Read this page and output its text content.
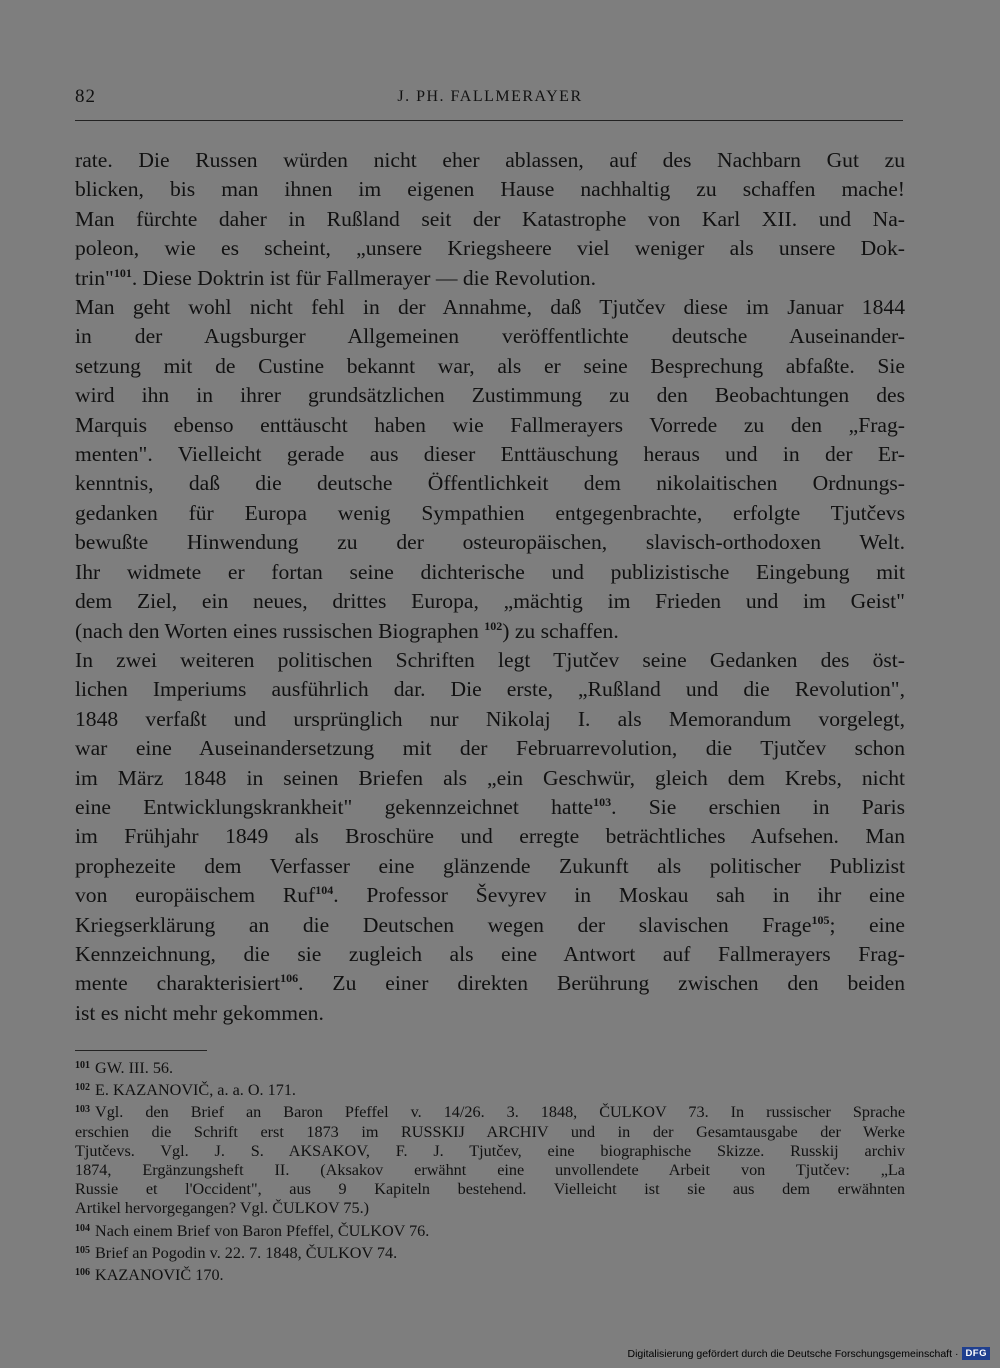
82	J. PH. FALLMERAYER
rate. Die Russen würden nicht eher ablassen, auf des Nachbarn Gut zu
blicken, bis man ihnen im eigenen Hause nachhaltig zu schaffen mache!
Man fürchte daher in Rußland seit der Katastrophe von Karl XII. und Na-
poleon, wie es scheint, „unsere Kriegsheere viel weniger als unsere Dok-
trin"$^{101}$. Diese Doktrin ist für Fallmerayer — die Revolution.
Man geht wohl nicht fehl in der Annahme, daß Tjutčev diese im Januar 1844
in der Augsburger Allgemeinen veröffentlichte deutsche Auseinander-
setzung mit de Custine bekannt war, als er seine Besprechung abfaßte. Sie
wird ihn in ihrer grundsätzlichen Zustimmung zu den Beobachtungen des
Marquis ebenso enttäuscht haben wie Fallmerayers Vorrede zu den „Frag-
menten". Vielleicht gerade aus dieser Enttäuschung heraus und in der Er-
kenntnis, daß die deutsche Öffentlichkeit dem nikolaitischen Ordnungs-
gedanken für Europa wenig Sympathien entgegenbrachte, erfolgte Tjutčevs
bewußte Hinwendung zu der osteuropäischen, slavisch-orthodoxen Welt.
Ihr widmete er fortan seine dichterische und publizistische Eingebung mit
dem Ziel, ein neues, drittes Europa, „mächtig im Frieden und im Geist"
(nach den Worten eines russischen Biographen $^{102}$) zu schaffen.
In zwei weiteren politischen Schriften legt Tjutčev seine Gedanken des öst-
lichen Imperiums ausführlich dar. Die erste, „Rußland und die Revolution",
1848 verfaßt und ursprünglich nur Nikolaj I. als Memorandum vorgelegt,
war eine Auseinandersetzung mit der Februarrevolution, die Tjutčev schon
im März 1848 in seinen Briefen als „ein Geschwür, gleich dem Krebs, nicht
eine Entwicklungskrankheit" gekennzeichnet hatte$^{103}$. Sie erschien in Paris
im Frühjahr 1849 als Broschüre und erregte beträchtliches Aufsehen. Man
prophezeite dem Verfasser eine glänzende Zukunft als politischer Publizist
von europäischem Ruf$^{104}$. Professor Ševyrev in Moskau sah in ihr eine
Kriegserklärung an die Deutschen wegen der slavischen Frage$^{105}$; eine
Kennzeichnung, die sie zugleich als eine Antwort auf Fallmerayers Frag-
mente charakterisiert$^{106}$. Zu einer direkten Berührung zwischen den beiden
ist es nicht mehr gekommen.
$^{101}$ GW. III. 56.
$^{102}$ E. KAZANOVIČ, a. a. O. 171.
$^{103}$ Vgl. den Brief an Baron Pfeffel v. 14/26. 3. 1848, ČULKOV 73. In russischer Sprache
erschien die Schrift erst 1873 im RUSSKIJ ARCHIV und in der Gesamtausgabe der Werke
Tjutčevs. Vgl. J. S. AKSAKOV, F. J. Tjutčev, eine biographische Skizze. Russkij archiv
1874, Ergänzungsheft II. (Aksakov erwähnt eine unvollendete Arbeit von Tjutčev: „La
Russie et l'Occident", aus 9 Kapiteln bestehend. Vielleicht ist sie aus dem erwähnten
Artikel hervorgegangen? Vgl. ČULKOV 75.)
$^{104}$ Nach einem Brief von Baron Pfeffel, ČULKOV 76.
$^{105}$ Brief an Pogodin v. 22. 7. 1848, ČULKOV 74.
$^{106}$ KAZANOVIČ 170.
Digitalisierung gefördert durch die Deutsche Forschungsgemeinschaft · DFG
